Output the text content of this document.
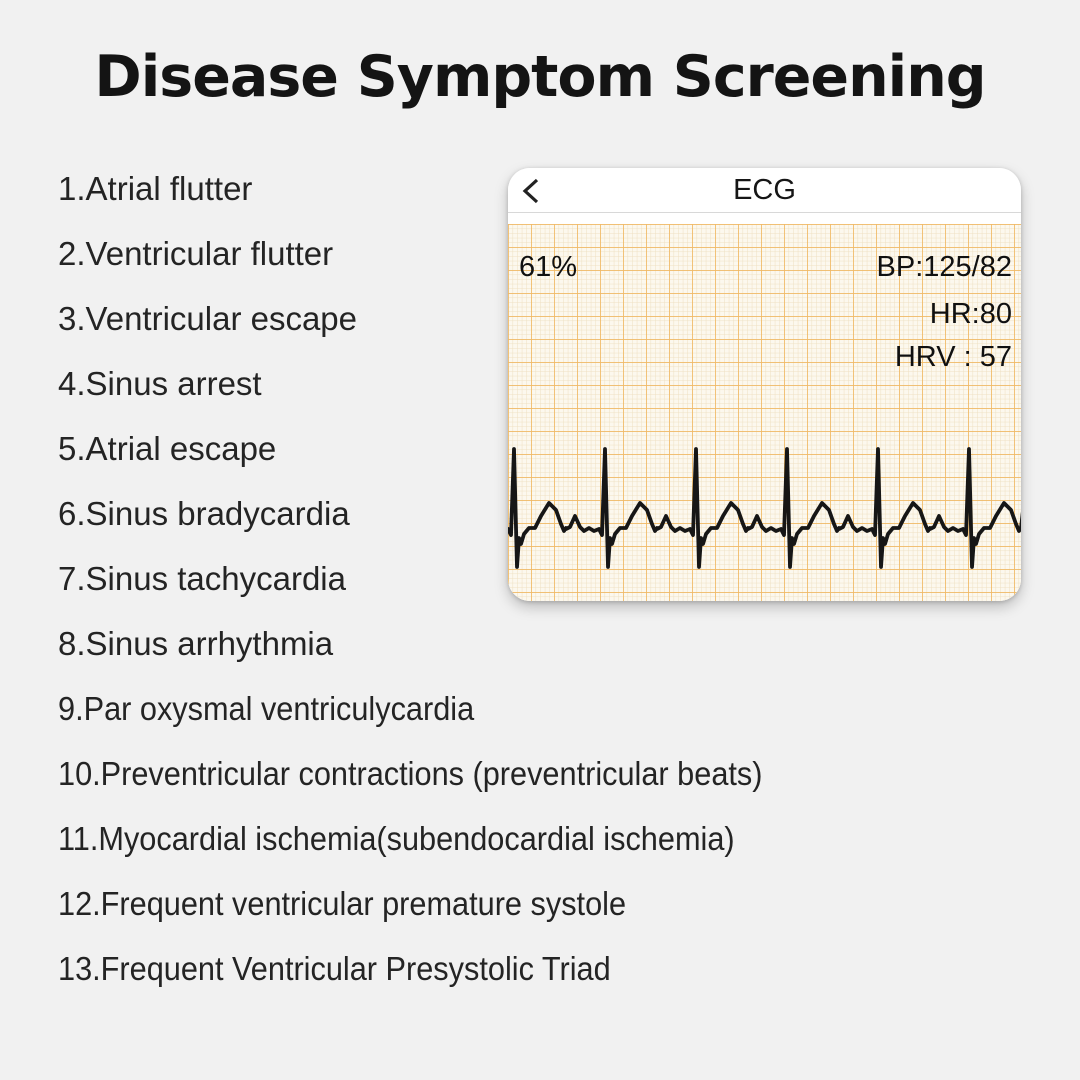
Disease Symptom Screening
1.Atrial flutter
2.Ventricular flutter
3.Ventricular escape
4.Sinus arrest
5.Atrial escape
6.Sinus bradycardia
7.Sinus tachycardia
8.Sinus arrhythmia
9.Par oxysmal ventriculycardia
10.Preventricular contractions (preventricular beats)
11.Myocardial ischemia(subendocardial ischemia)
12.Frequent ventricular premature systole
13.Frequent Ventricular Presystolic Triad
ECG
61%	BP:125/82
HR:80
HRV : 57
